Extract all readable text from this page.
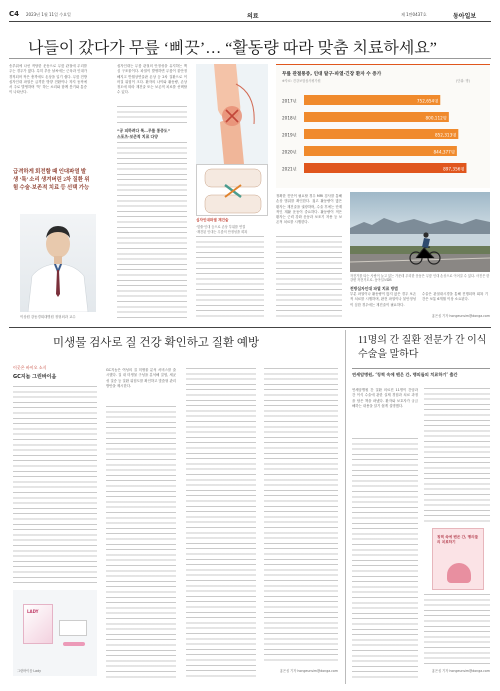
C4 2023년 1월 11일 수요일	의료	제 1만0437호	동아일보
나들이 갔다가 무릎 ‘삐끗’… “활동량 따라 맞춤 치료하세요”
송추위에 나선 적당한 운동으로 무릎 관절에 무리를 주는 경우가 많다. 특히 추운 날씨에는 근육과 인대가 경직되어 작은 충격에도 손상을 입기 쉽다. 무릎 전방십자인대 파열은 급격한 방향 전환이나 착지 동작에서 주로 발생하며 ‘툭’ 하는 소리와 함께 붓기와 통증이 나타난다.
급격하게 회전할 때 인대파열 발생 ‘툭’ 소리 생겨버린 2차 질환 위험 수술-보존적 치료 등 선택 가능
이상원 강동경희대병원 정형외과 교수
십자인대는 무릎 관절의 안정성을 유지하는 핵심 구조물이다. 파열이 발생하면 무릎이 불안정해지고 반월상연골판 손상 등 2차 질환으로 이어질 위험이 크다. 환자의 나이와 활동량, 손상 정도에 따라 재건술 또는 보존적 치료를 선택할 수 있다.
“공 피하려다 툭…무릎 통증도”
스포츠-보존적 치료 다양
십자인대파열 재건술
·힘줄·인대 등으로 손상 부위를 연결
·재건된 인대는 무릎의 안정성을 회복
정확한 진단이 필요할 경우 MRI 검사를 통해 손상 범위를 확인한다. 젊고 활동량이 많은 환자는 재건술을 권장하며, 수술 후에는 단계적인 재활 운동이 중요하다. 활동량이 적은 환자는 근력 강화 운동과 보조기 착용 등 보존적 치료를 시행한다.
무릎 관절통증, 인대 탈구·파열·긴장 환자 수 증가
※자료: 건강보험심사평가원	(단위: 명)
2017년	752,654명
2018년	800,112명
2019년	852,313명
2020년	844,377명
2021년	897,356명
자전거를 타는 사람이 늘고 있는 가운데 무리한 운동은 무릎 인대 손상으로 이어질 수 있다. 사진은 한강변 자전거도로. 동아일보DB
전방십자인대 파열 치료 방법
부분 파열이나 활동량이 많지 않은 경우 보존적 치료를 시행하며, 완전 파열이나 불안정성이 심한 경우에는 재건술이 필요하다.
수술은 관절내시경을 통해 진행되며 회복 기간은 보통 6개월 이상 소요된다.
홍은심 기자 hongeunsim@donga.com
미생물 검사로 질 건강 확인하고 질환 예방
이곳은 바이오 소식
GC지놈 그린바이옴
LADY
그린바이옴 Lady
GC지놈은 여성의 질 미생물 분석 서비스를 출시했다. 질 내 미생물 구성을 분석해 질염, 세균성 질증 등 질환 위험도를 확인하고 맞춤형 관리 방안을 제시한다.
홍은심 기자 hongeunsim@donga.com
11명의 간 질환 전문가 간 이식 수술을 말하다
연세암병원, ‘칭찍 속에 밴은 간, 맹의들의 치료하기’ 출간
연세암병원 간 질환 의료진 11명이 간암과 간 이식 수술에 관한 실제 경험과 치료 과정을 담은 책을 펴냈다. 환자와 보호자가 궁금해하는 내용을 알기 쉽게 설명했다.
칭찍 속에 밴은 간, 맹의들의 치료하기
홍은심 기자 hongeunsim@donga.com
